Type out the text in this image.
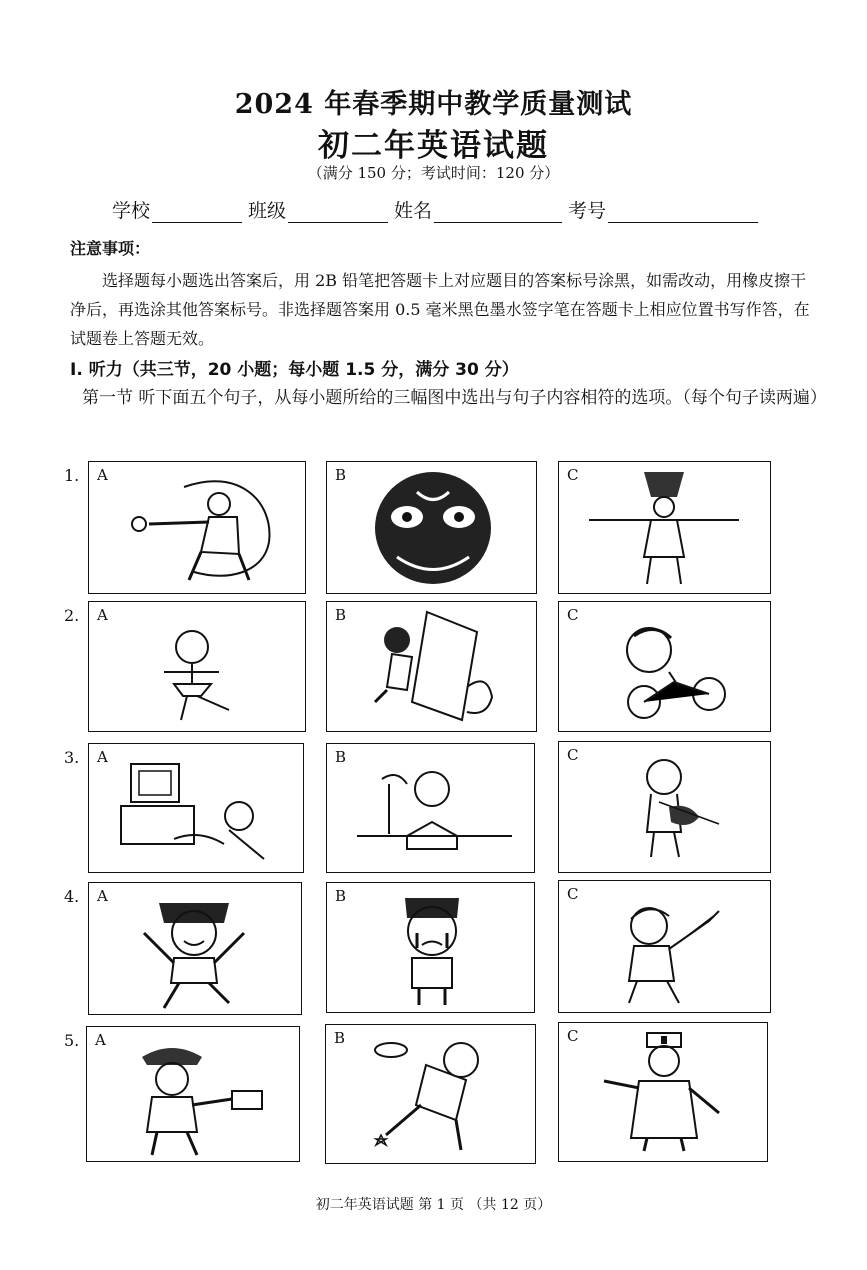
2024 年春季期中教学质量测试
初二年英语试题
（满分 150 分；考试时间：120 分）
学校	班级	姓名	考号
注意事项：
选择题每小题选出答案后，用 2B 铅笔把答题卡上对应题目的答案标号涂黑，如需改动，用橡皮擦干净后，再选涂其他答案标号。非选择题答案用 0.5 毫米黑色墨水签字笔在答题卡上相应位置书写作答，在试题卷上答题无效。
I. 听力（共三节，20 小题；每小题 1.5 分，满分 30 分）
第一节 听下面五个句子，从每小题所给的三幅图中选出与句子内容相符的选项。（每个句子读两遍）
1.	A	B	C
2.	A	B	C
3.	A	B	C
4.	A	B	C
5.	A	B	C
初二年英语试题 第 1 页 （共 12 页）
